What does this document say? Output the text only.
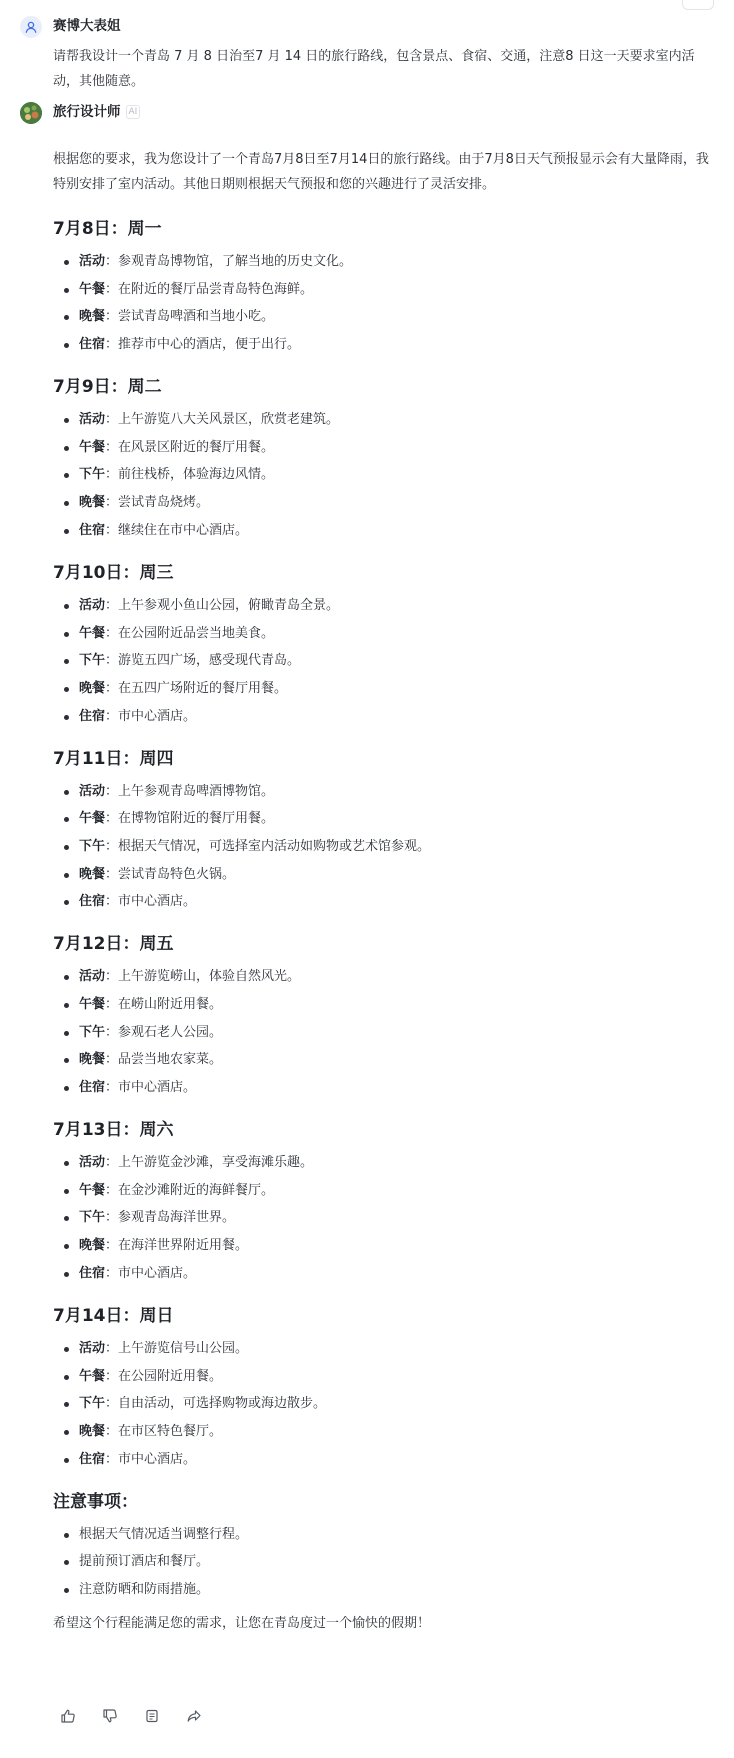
赛博大表姐
请帮我设计一个青岛 7 月 8 日治至7 月 14 日的旅行路线，包含景点、食宿、交通，注意8 日这一天要求室内活动，其他随意。
旅行设计师 AI

根据您的要求，我为您设计了一个青岛7月8日至7月14日的旅行路线。由于7月8日天气预报显示会有大量降雨，我特别安排了室内活动。其他日期则根据天气预报和您的兴趣进行了灵活安排。

7月8日：周一
活动：参观青岛博物馆，了解当地的历史文化。
午餐：在附近的餐厅品尝青岛特色海鲜。
晚餐：尝试青岛啤酒和当地小吃。
住宿：推荐市中心的酒店，便于出行。
7月9日：周二
活动：上午游览八大关风景区，欣赏老建筑。
午餐：在风景区附近的餐厅用餐。
下午：前往栈桥，体验海边风情。
晚餐：尝试青岛烧烤。
住宿：继续住在市中心酒店。
7月10日：周三
活动：上午参观小鱼山公园，俯瞰青岛全景。
午餐：在公园附近品尝当地美食。
下午：游览五四广场，感受现代青岛。
晚餐：在五四广场附近的餐厅用餐。
住宿：市中心酒店。
7月11日：周四
活动：上午参观青岛啤酒博物馆。
午餐：在博物馆附近的餐厅用餐。
下午：根据天气情况，可选择室内活动如购物或艺术馆参观。
晚餐：尝试青岛特色火锅。
住宿：市中心酒店。
7月12日：周五
活动：上午游览崂山，体验自然风光。
午餐：在崂山附近用餐。
下午：参观石老人公园。
晚餐：品尝当地农家菜。
住宿：市中心酒店。
7月13日：周六
活动：上午游览金沙滩，享受海滩乐趣。
午餐：在金沙滩附近的海鲜餐厅。
下午：参观青岛海洋世界。
晚餐：在海洋世界附近用餐。
住宿：市中心酒店。
7月14日：周日
活动：上午游览信号山公园。
午餐：在公园附近用餐。
下午：自由活动，可选择购物或海边散步。
晚餐：在市区特色餐厅。
住宿：市中心酒店。
注意事项：
根据天气情况适当调整行程。
提前预订酒店和餐厅。
注意防晒和防雨措施。

希望这个行程能满足您的需求，让您在青岛度过一个愉快的假期！
